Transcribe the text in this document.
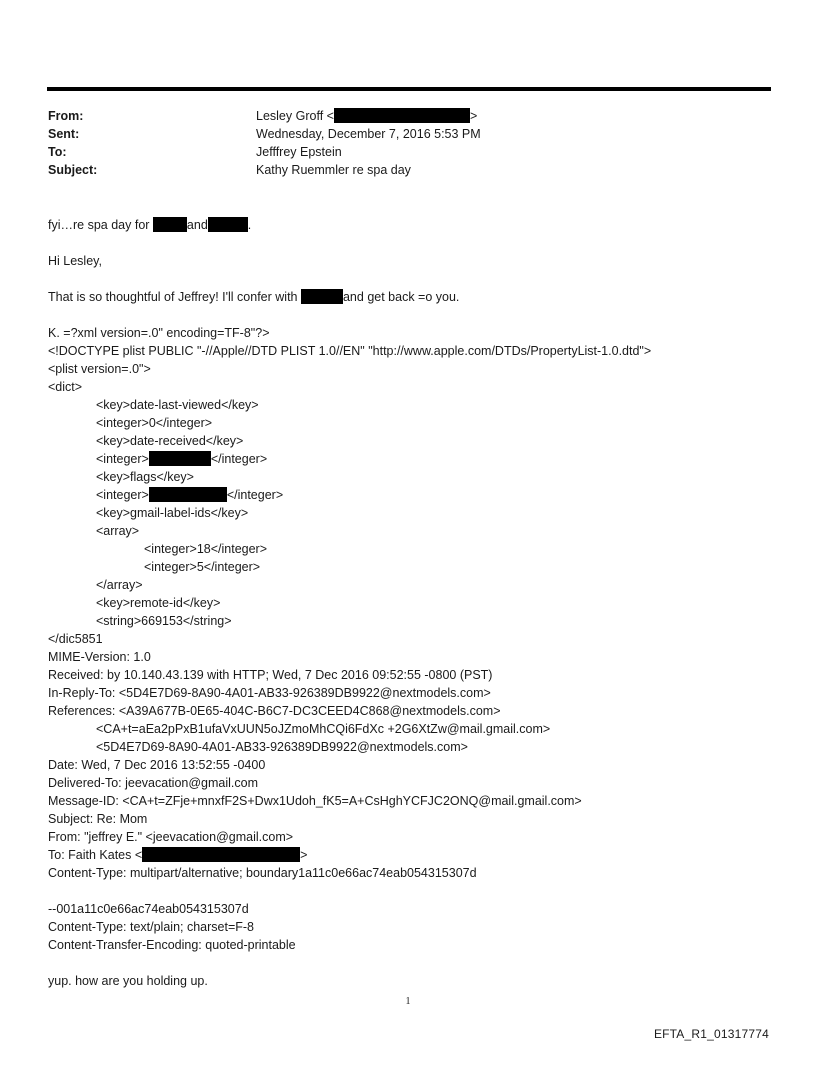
From:	Lesley Groff <	>
Sent:	Wednesday, December 7, 2016 5:53 PM
To:	Jefffrey Epstein
Subject:	Kathy Ruemmler re spa day
fyi…re spa day for	and	.
Hi Lesley,
That is so thoughtful of Jeffrey! I'll confer with	and get back =o you.
K. =?xml version=.0" encoding=TF-8"?>
<!DOCTYPE plist PUBLIC "-//Apple//DTD PLIST 1.0//EN" "http://www.apple.com/DTDs/PropertyList-1.0.dtd">
<plist version=.0">
<dict>
<key>date-last-viewed</key>
<integer>0</integer>
<key>date-received</key>
<integer>	</integer>
<key>flags</key>
<integer>	</integer>
<key>gmail-label-ids</key>
<array>
<integer>18</integer>
<integer>5</integer>
</array>
<key>remote-id</key>
<string>669153</string>
</dic5851
MIME-Version: 1.0
Received: by 10.140.43.139 with HTTP; Wed, 7 Dec 2016 09:52:55 -0800 (PST)
In-Reply-To: <5D4E7D69-8A90-4A01-AB33-926389DB9922@nextmodels.com>
References: <A39A677B-0E65-404C-B6C7-DC3CEED4C868@nextmodels.com>
<CA+t=aEa2pPxB1ufaVxUUN5oJZmoMhCQi6FdXc +2G6XtZw@mail.gmail.com>
<5D4E7D69-8A90-4A01-AB33-926389DB9922@nextmodels.com>
Date: Wed, 7 Dec 2016 13:52:55 -0400
Delivered-To: jeevacation@gmail.com
Message-ID: <CA+t=ZFje+mnxfF2S+Dwx1Udoh_fK5=A+CsHghYCFJC2ONQ@mail.gmail.com>
Subject: Re: Mom
From: "jeffrey E." <jeevacation@gmail.com>
To: Faith Kates <	>
Content-Type: multipart/alternative; boundary1a11c0e66ac74eab054315307d
--001a11c0e66ac74eab054315307d
Content-Type: text/plain; charset=F-8
Content-Transfer-Encoding: quoted-printable
yup. how are you holding up.
1
EFTA_R1_01317774
